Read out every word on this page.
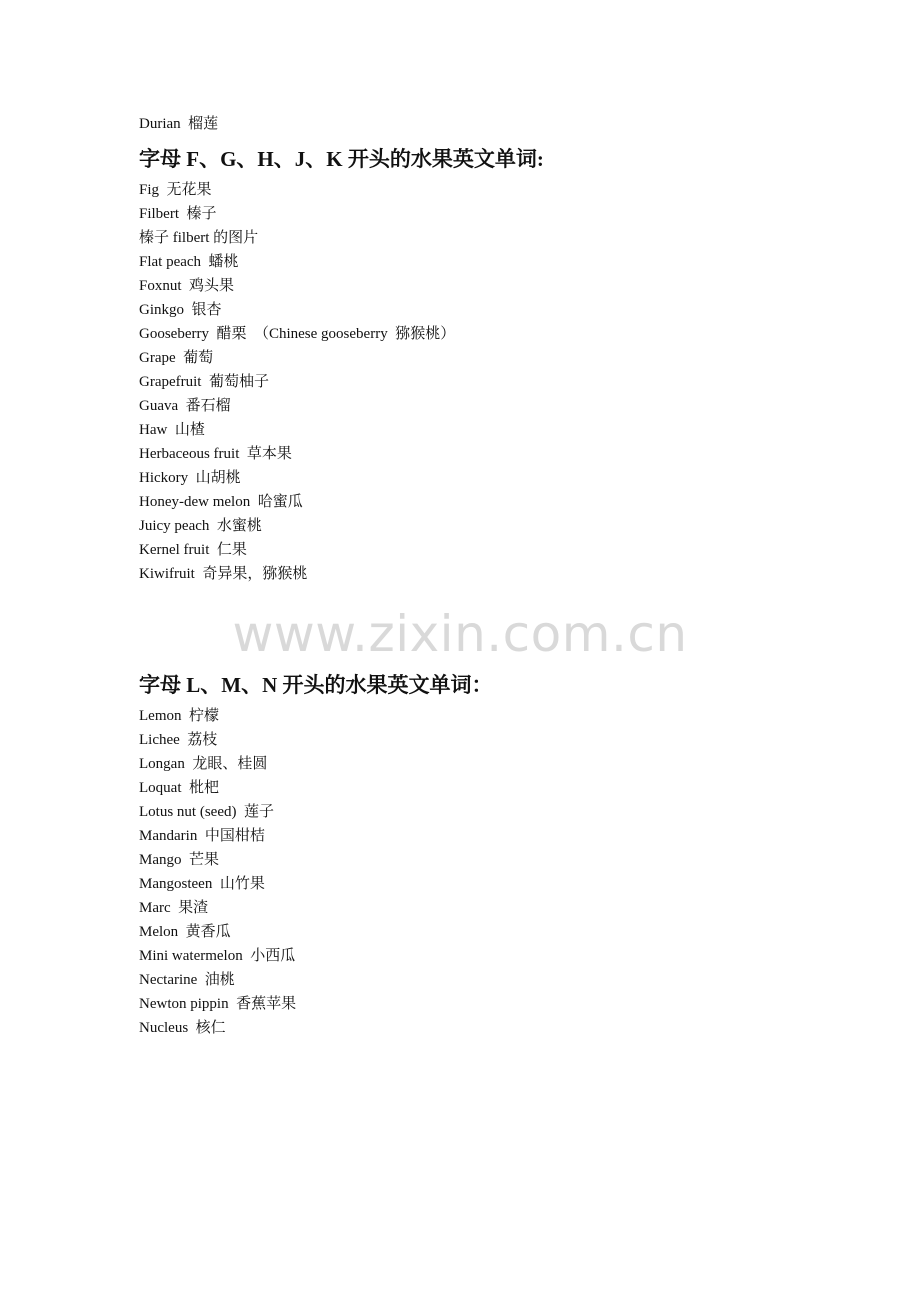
www.zixin.com.cn
Durian  榴莲
字母 F、G、H、J、K 开头的水果英文单词:
Fig  无花果
Filbert  榛子
榛子 filbert 的图片
Flat peach  蟠桃
Foxnut  鸡头果
Ginkgo  银杏
Gooseberry  醋栗  （Chinese gooseberry  猕猴桃）
Grape  葡萄
Grapefruit  葡萄柚子
Guava  番石榴
Haw  山楂
Herbaceous fruit  草本果
Hickory  山胡桃
Honey-dew melon  哈蜜瓜
Juicy peach  水蜜桃
Kernel fruit  仁果
Kiwifruit  奇异果，猕猴桃
字母 L、M、N 开头的水果英文单词：
Lemon  柠檬
Lichee  荔枝
Longan  龙眼、桂圆
Loquat  枇杷
Lotus nut (seed)  莲子
Mandarin  中国柑桔
Mango  芒果
Mangosteen  山竹果
Marc  果渣
Melon  黄香瓜
Mini watermelon  小西瓜
Nectarine  油桃
Newton pippin  香蕉苹果
Nucleus  核仁
